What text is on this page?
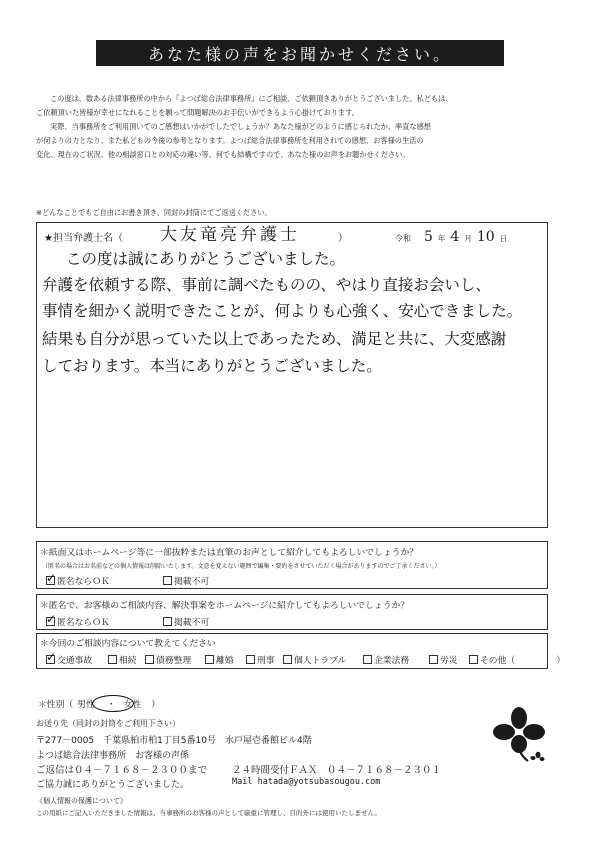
あなた様の声をお聞かせください。

この度は、数ある法律事務所の中から『よつば総合法律事務所』にご相談、ご依頼頂きありがとうございました。私どもは、

ご依頼頂いた皆様が幸せになれることを願って問題解決のお手伝いができるよう心掛けております。

実際、当事務所をご利用頂いてのご感想はいかがでしたでしょうか？あなた様がどのように感じられたか、率直な感想

が何よりの力となり、また私どもの今後の参考となります。よつば総合法律事務所を利用されての感想、お客様の生活の

変化、現在のご状況、他の相談窓口との対応の違い等、何でも結構ですので、あなた様のお声をお聴かせください。

※どんなことでもご自由にお書き頂き、同封の封筒にてご返送ください。
★担当弁護士名（ 大友竜亮弁護士	）	令和 5 年 4 月 10 日
この度は誠にありがとうございました。
弁護を依頼する際、事前に調べたものの、やはり直接お会いし、
事情を細かく説明できたことが、何よりも心強く、安心できました。
結果も自分が思っていた以上であったため、満足と共に、大変感謝
しております。本当にありがとうございました。
＊紙面又はホームページ等に一部抜粋または直筆のお声として紹介してもよろしいでしょうか？
（匿名の場合はお名前などの個人情報は削除いたします。文意を変えない範囲で編集・要約をさせていただく場合がありますのでご了承ください。）
✓ 匿名ならＯＫ	掲載不可
＊匿名で、お客様のご相談内容、解決事案をホームページに紹介してもよろしいでしょうか？
✓ 匿名ならＯＫ	掲載不可
＊今回のご相談内容について教えてください
✓ 交通事故	相続 債務整理	離婚	刑事 個人トラブル	企業法務	労災	その他（	）
＊性別（ 男性 ・ 女性 ）
お送り先（同封の封筒をご利用下さい）
〒277－0005　千葉県柏市柏1丁目5番10号　水戸屋壱番館ビル4階
よつば総合法律事務所　お客様の声係
ご返信は０４－７１６８－２３００まで	２４時間受付ＦＡＸ　０４－７１６８－２３０１
ご協力誠にありがとうございました。	Mail hatada@yotsubasougou.com
《個人情報の保護について》
この用紙にご記入いただきました情報は、当事務所のお客様の声として厳重に管理し、目的外には使用いたしません。
